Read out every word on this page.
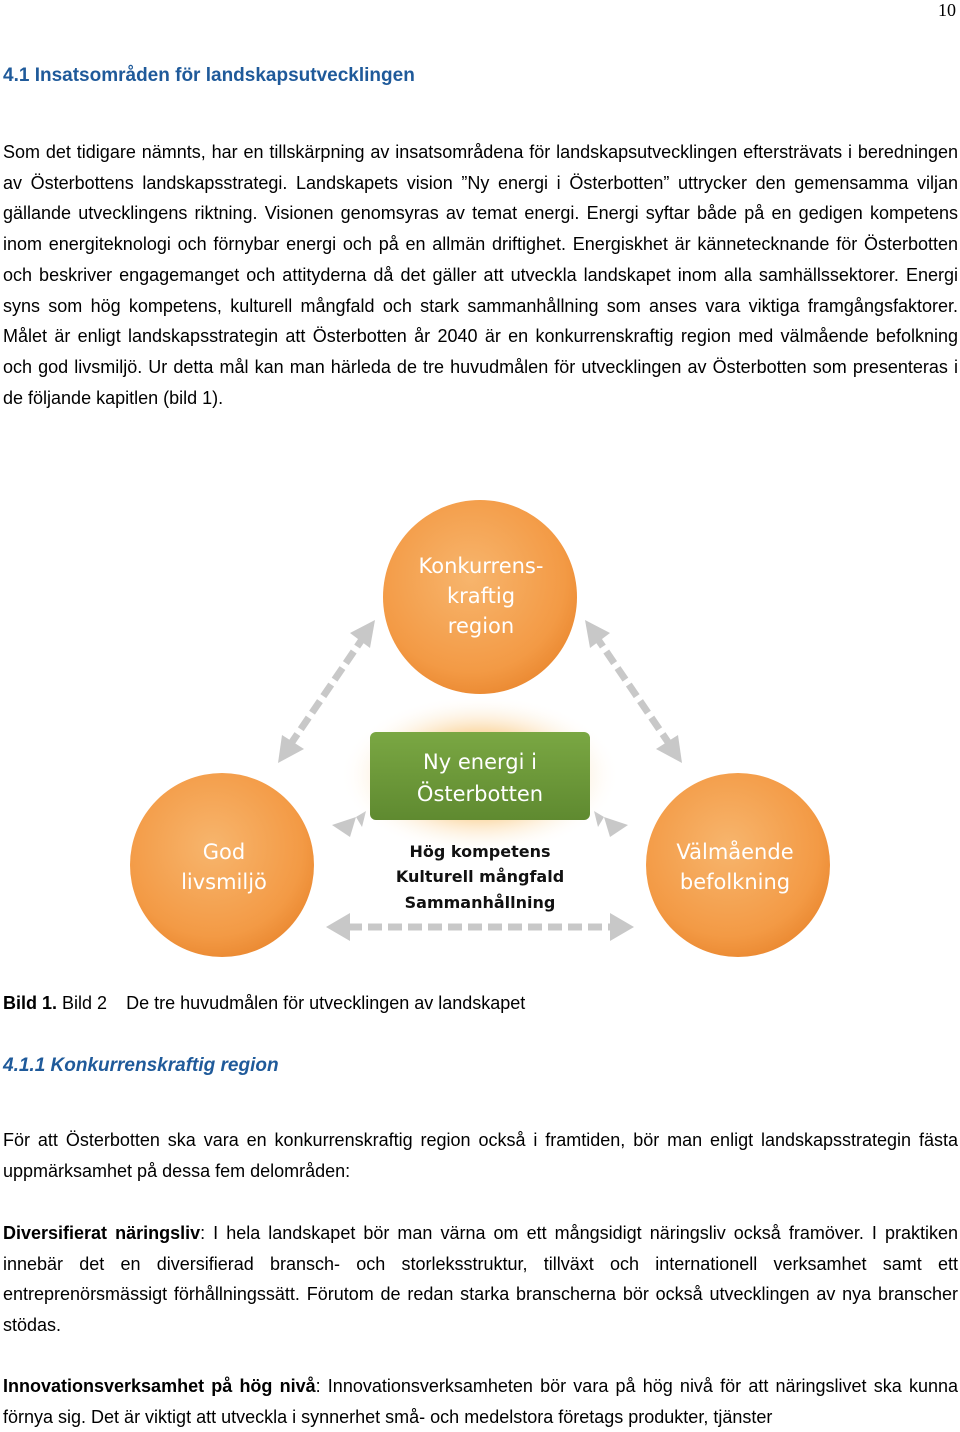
10
4.1 Insatsområden för landskapsutvecklingen
Som det tidigare nämnts, har en tillskärpning av insatsområdena för landskapsutvecklingen eftersträvats i beredningen av Österbottens landskapsstrategi. Landskapets vision ”Ny energi i Österbotten” uttrycker den gemensamma viljan gällande utvecklingens riktning. Visionen genomsyras av temat energi. Energi syftar både på en gedigen kompetens inom energiteknologi och förnybar energi och på en allmän driftighet. Energiskhet är kännetecknande för Österbotten och beskriver engagemanget och attityderna då det gäller att utveckla landskapet inom alla samhällssektorer. Energi syns som hög kompetens, kulturell mångfald och stark sammanhållning som anses vara viktiga framgångsfaktorer. Målet är enligt landskapsstrategin att Österbotten år 2040 är en konkurrenskraftig region med välmående befolkning och god livsmiljö. Ur detta mål kan man härleda de tre huvudmålen för utvecklingen av Österbotten som presenteras i de följande kapitlen (bild 1).
Konkurrens-
kraftig
region
God
livsmiljö
Välmående
befolkning
Ny energi i
Österbotten
Hög kompetens
Kulturell mångfald
Sammanhållning
Bild 1. Bild 2 De tre huvudmålen för utvecklingen av landskapet
4.1.1 Konkurrenskraftig region
För att Österbotten ska vara en konkurrenskraftig region också i framtiden, bör man enligt landskapsstrategin fästa uppmärksamhet på dessa fem delområden:
Diversifierat näringsliv: I hela landskapet bör man värna om ett mångsidigt näringsliv också framöver. I praktiken innebär det en diversifierad bransch- och storleksstruktur, tillväxt och internationell verksamhet samt ett entreprenörsmässigt förhållningssätt. Förutom de redan starka branscherna bör också utvecklingen av nya branscher stödas.
Innovationsverksamhet på hög nivå: Innovationsverksamheten bör vara på hög nivå för att näringslivet ska kunna förnya sig. Det är viktigt att utveckla i synnerhet små- och medelstora företags produkter, tjänster
